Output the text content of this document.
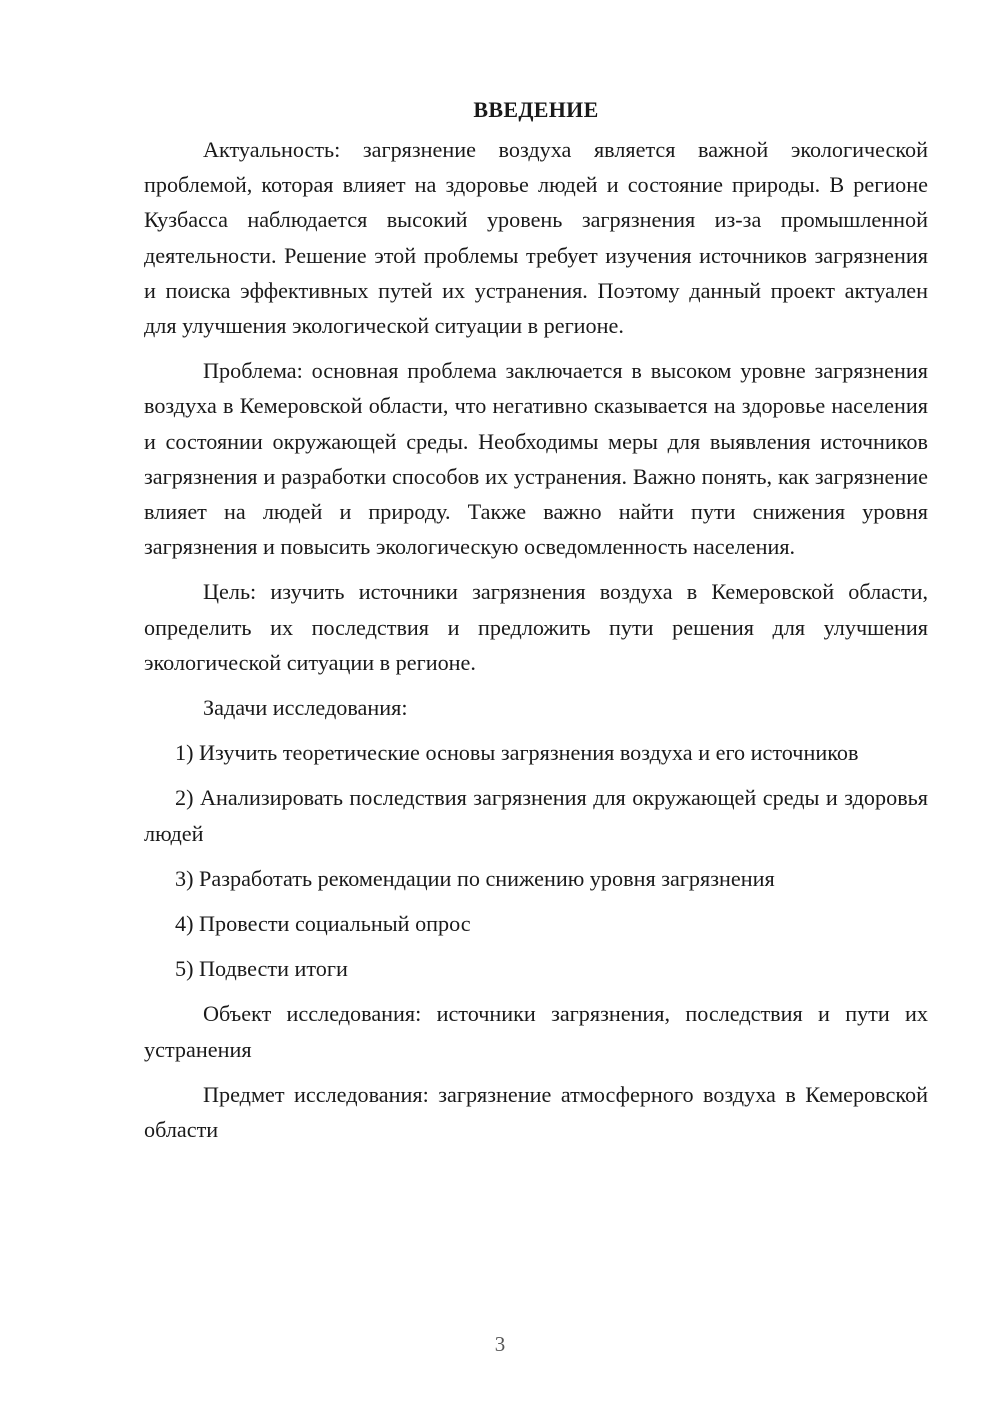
ВВЕДЕНИЕ

Актуальность: загрязнение воздуха является важной экологической проблемой, которая влияет на здоровье людей и состояние природы. В регионе Кузбасса наблюдается высокий уровень загрязнения из-за промышленной деятельности. Решение этой проблемы требует изучения источников загрязнения и поиска эффективных путей их устранения. Поэтому данный проект актуален для улучшения экологической ситуации в регионе.

Проблема: основная проблема заключается в высоком уровне загрязнения воздуха в Кемеровской области, что негативно сказывается на здоровье населения и состоянии окружающей среды. Необходимы меры для выявления источников загрязнения и разработки способов их устранения. Важно понять, как загрязнение влияет на людей и природу. Также важно найти пути снижения уровня загрязнения и повысить экологическую осведомленность населения.

Цель: изучить источники загрязнения воздуха в Кемеровской области, определить их последствия и предложить пути решения для улучшения экологической ситуации в регионе.

Задачи исследования:

1) Изучить теоретические основы загрязнения воздуха и его источников

2) Анализировать последствия загрязнения для окружающей среды и здоровья людей

3) Разработать рекомендации по снижению уровня загрязнения

4) Провести социальный опрос

5) Подвести итоги

Объект исследования: источники загрязнения, последствия и пути их устранения

Предмет исследования: загрязнение атмосферного воздуха в Кемеровской области

3
